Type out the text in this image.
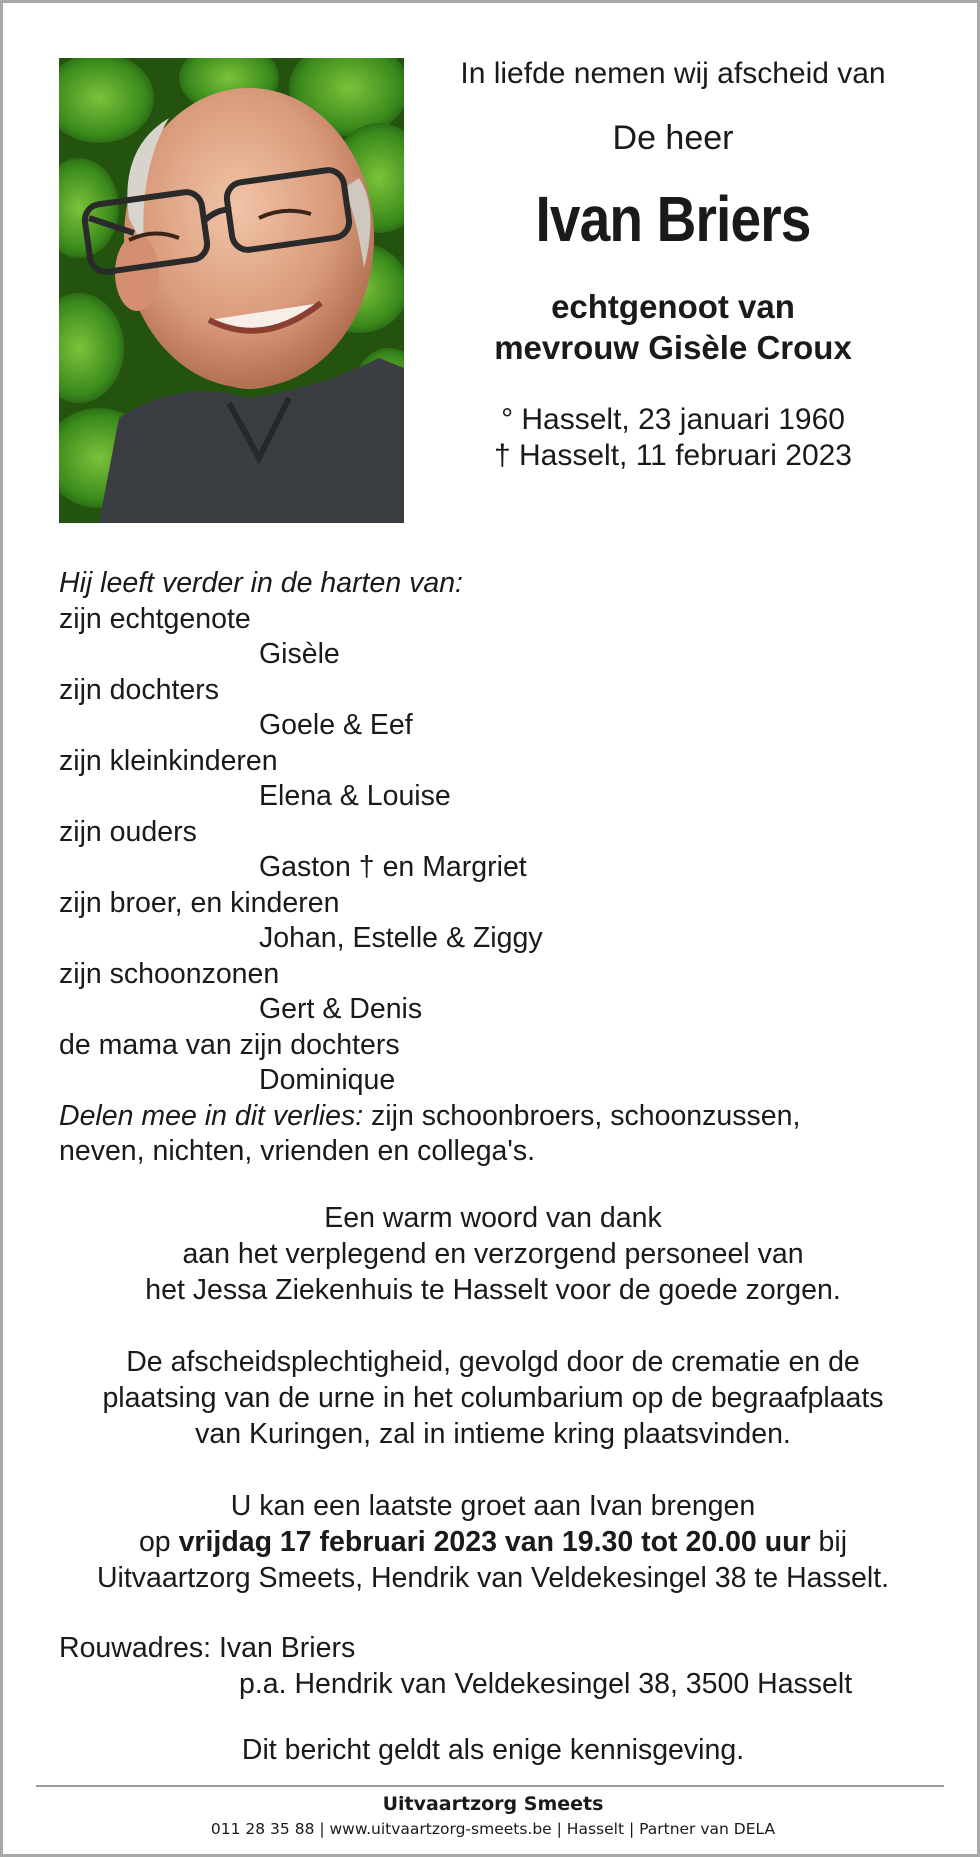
In liefde nemen wij afscheid van
De heer
Ivan Briers
echtgenoot van
mevrouw Gisèle Croux
° Hasselt, 23 januari 1960
† Hasselt, 11 februari 2023
Hij leeft verder in de harten van:
zijn echtgenote
Gisèle
zijn dochters
Goele & Eef
zijn kleinkinderen
Elena & Louise
zijn ouders
Gaston † en Margriet
zijn broer, en kinderen
Johan, Estelle & Ziggy
zijn schoonzonen
Gert & Denis
de mama van zijn dochters
Dominique
Delen mee in dit verlies: zijn schoonbroers, schoonzussen,
neven, nichten, vrienden en collega's.
Een warm woord van dank
aan het verplegend en verzorgend personeel van
het Jessa Ziekenhuis te Hasselt voor de goede zorgen.
De afscheidsplechtigheid, gevolgd door de crematie en de
plaatsing van de urne in het columbarium op de begraafplaats
van Kuringen, zal in intieme kring plaatsvinden.
U kan een laatste groet aan Ivan brengen
op vrijdag 17 februari 2023 van 19.30 tot 20.00 uur bij
Uitvaartzorg Smeets, Hendrik van Veldekesingel 38 te Hasselt.
Rouwadres: Ivan Briers
p.a. Hendrik van Veldekesingel 38, 3500 Hasselt
Dit bericht geldt als enige kennisgeving.
Uitvaartzorg Smeets
011 28 35 88 | www.uitvaartzorg-smeets.be | Hasselt | Partner van DELA
